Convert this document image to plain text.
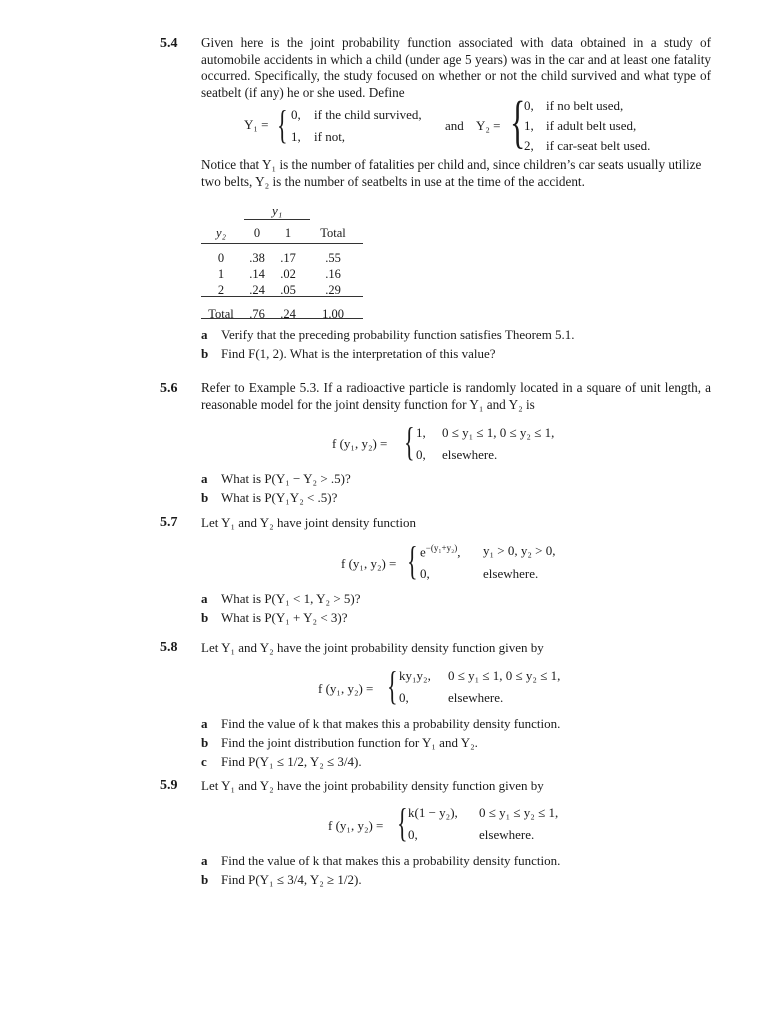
5.4 Given here is the joint probability function associated with data obtained in a study of automobile accidents in which a child (under age 5 years) was in the car and at least one fatality occurred. Specifically, the study focused on whether or not the child survived and what type of seatbelt (if any) he or she used. Define
Y₁ = { 0, if the child survived,
1, if not,
and Y₂ = {
0, if no belt used,
1, if adult belt used,
2, if car-seat belt used.
Notice that Y₁ is the number of fatalities per child and, since children’s car seats usually utilize two belts, Y₂ is the number of seatbelts in use at the time of the accident.
y₁
y₂	0	1	Total

0	.38	.17	.55
1	.14	.02	.16
2	.24	.05	.29

Total	.76	.24	1.00
a Verify that the preceding probability function satisfies Theorem 5.1.
b Find F(1, 2). What is the interpretation of this value?
5.6 Refer to Example 5.3. If a radioactive particle is randomly located in a square of unit length, a reasonable model for the joint density function for Y₁ and Y₂ is
f (y₁, y₂) = { 1, 0 ≤ y₁ ≤ 1, 0 ≤ y₂ ≤ 1,
0, elsewhere.
a What is P(Y₁ − Y₂ > .5)?
b What is P(Y₁Y₂ < .5)?
5.7 Let Y₁ and Y₂ have joint density function
f (y₁, y₂) = { $e^{-(y_1+y_2)}$, y₁ > 0, y₂ > 0,
0,	elsewhere.
a What is P(Y₁ < 1, Y₂ > 5)?
b What is P(Y₁ + Y₂ < 3)?
5.8 Let Y₁ and Y₂ have the joint probability density function given by
f (y₁, y₂) = { ky₁y₂, 0 ≤ y₁ ≤ 1, 0 ≤ y₂ ≤ 1,
0,	elsewhere.
a Find the value of k that makes this a probability density function.
b Find the joint distribution function for Y₁ and Y₂.
c Find P(Y₁ ≤ 1/2, Y₂ ≤ 3/4).
5.9 Let Y₁ and Y₂ have the joint probability density function given by
f (y₁, y₂) = { k(1 − y₂), 0 ≤ y₁ ≤ y₂ ≤ 1,
0,	elsewhere.
a Find the value of k that makes this a probability density function.
b Find P(Y₁ ≤ 3/4, Y₂ ≥ 1/2).
